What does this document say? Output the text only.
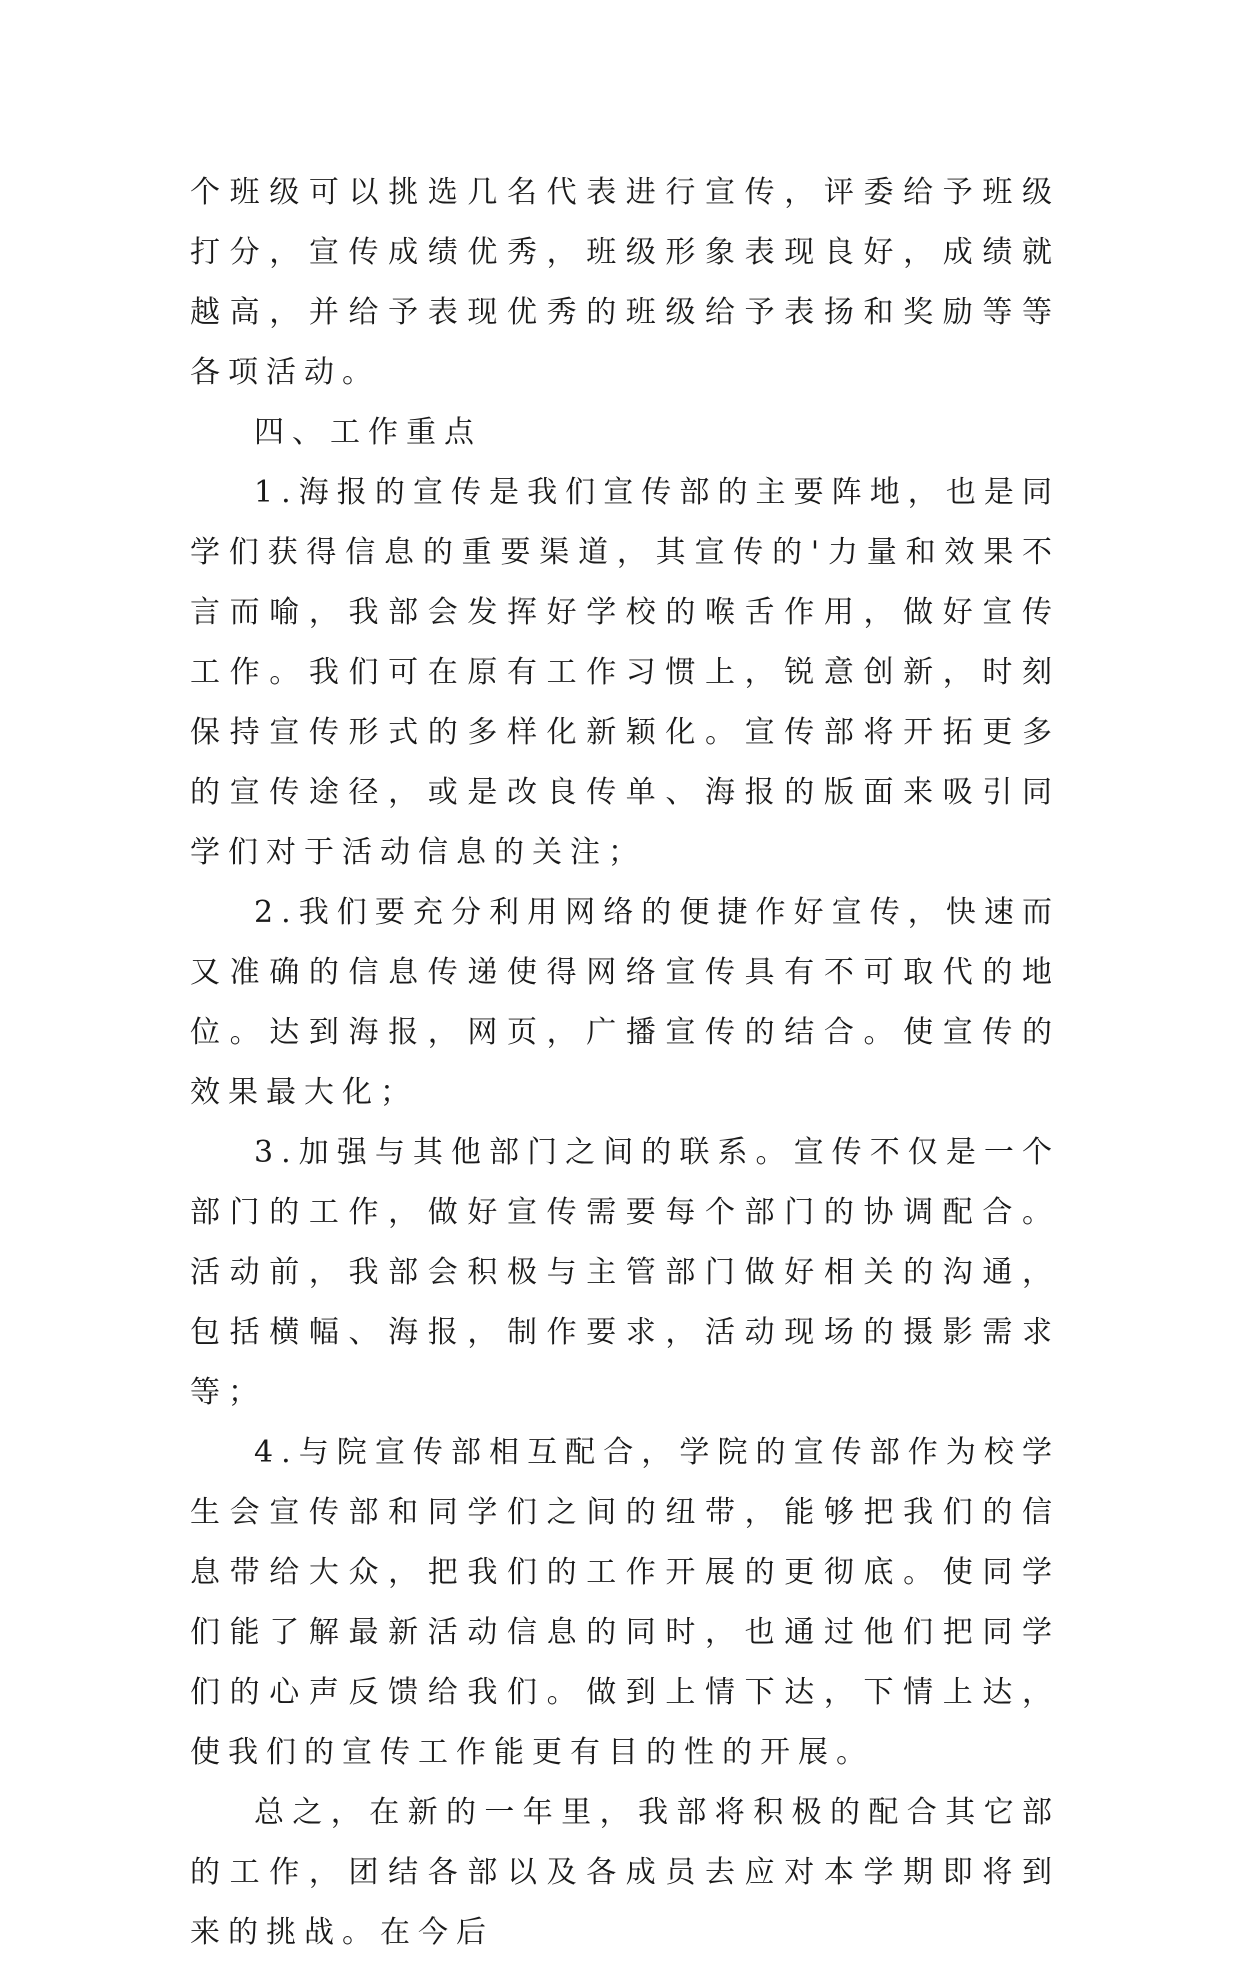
个班级可以挑选几名代表进行宣传，评委给予班级打分，宣传成绩优秀，班级形象表现良好，成绩就越高，并给予表现优秀的班级给予表扬和奖励等等各项活动。

四、工作重点

1.海报的宣传是我们宣传部的主要阵地，也是同学们获得信息的重要渠道，其宣传的'力量和效果不言而喻，我部会发挥好学校的喉舌作用，做好宣传工作。我们可在原有工作习惯上，锐意创新，时刻保持宣传形式的多样化新颖化。宣传部将开拓更多的宣传途径，或是改良传单、海报的版面来吸引同学们对于活动信息的关注；

2.我们要充分利用网络的便捷作好宣传，快速而又准确的信息传递使得网络宣传具有不可取代的地位。达到海报，网页，广播宣传的结合。使宣传的效果最大化；

3.加强与其他部门之间的联系。宣传不仅是一个部门的工作，做好宣传需要每个部门的协调配合。活动前，我部会积极与主管部门做好相关的沟通，包括横幅、海报，制作要求，活动现场的摄影需求等；

4.与院宣传部相互配合，学院的宣传部作为校学生会宣传部和同学们之间的纽带，能够把我们的信息带给大众，把我们的工作开展的更彻底。使同学们能了解最新活动信息的同时，也通过他们把同学们的心声反馈给我们。做到上情下达，下情上达，使我们的宣传工作能更有目的性的开展。

总之，在新的一年里，我部将积极的配合其它部的工作，团结各部以及各成员去应对本学期即将到来的挑战。在今后
